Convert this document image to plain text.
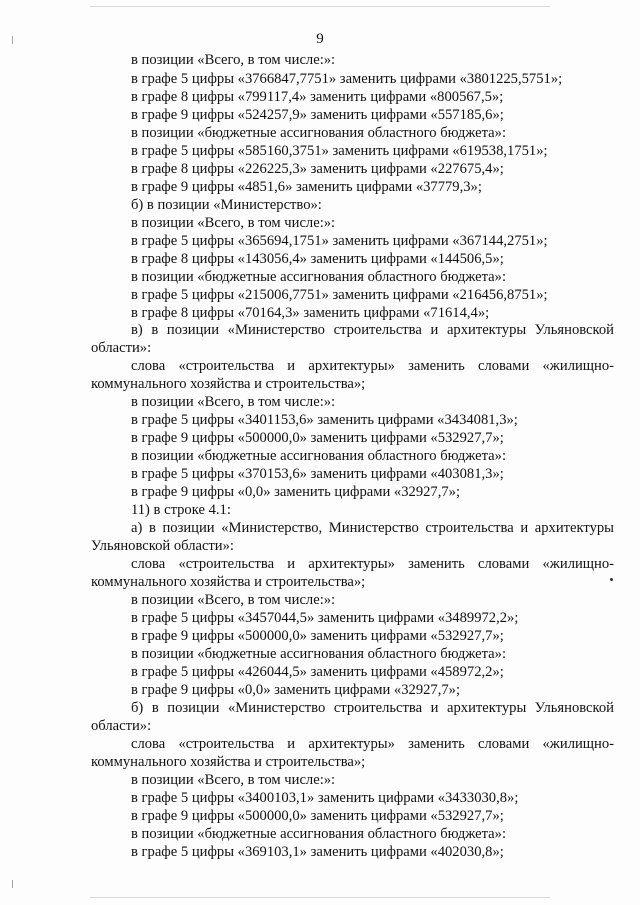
9
в позиции «Всего, в том числе:»:
в графе 5 цифры «3766847,7751» заменить цифрами «3801225,5751»;
в графе 8 цифры «799117,4» заменить цифрами «800567,5»;
в графе 9 цифры «524257,9» заменить цифрами «557185,6»;
в позиции «бюджетные ассигнования областного бюджета»:
в графе 5 цифры «585160,3751» заменить цифрами «619538,1751»;
в графе 8 цифры «226225,3» заменить цифрами «227675,4»;
в графе 9 цифры «4851,6» заменить цифрами «37779,3»;
б) в позиции «Министерство»:
в позиции «Всего, в том числе:»:
в графе 5 цифры «365694,1751» заменить цифрами «367144,2751»;
в графе 8 цифры «143056,4» заменить цифрами «144506,5»;
в позиции «бюджетные ассигнования областного бюджета»:
в графе 5 цифры «215006,7751» заменить цифрами «216456,8751»;
в графе 8 цифры «70164,3» заменить цифрами «71614,4»;
в) в позиции «Министерство строительства и архитектуры Ульяновской
области»:
слова «строительства и архитектуры» заменить словами «жилищно-
коммунального хозяйства и строительства»;
в позиции «Всего, в том числе:»:
в графе 5 цифры «3401153,6» заменить цифрами «3434081,3»;
в графе 9 цифры «500000,0» заменить цифрами «532927,7»;
в позиции «бюджетные ассигнования областного бюджета»:
в графе 5 цифры «370153,6» заменить цифрами «403081,3»;
в графе 9 цифры «0,0» заменить цифрами «32927,7»;
11) в строке 4.1:
а) в позиции «Министерство, Министерство строительства и архитектуры
Ульяновской области»:
слова «строительства и архитектуры» заменить словами «жилищно-
коммунального хозяйства и строительства»;
в позиции «Всего, в том числе:»:
в графе 5 цифры «3457044,5» заменить цифрами «3489972,2»;
в графе 9 цифры «500000,0» заменить цифрами «532927,7»;
в позиции «бюджетные ассигнования областного бюджета»:
в графе 5 цифры «426044,5» заменить цифрами «458972,2»;
в графе 9 цифры «0,0» заменить цифрами «32927,7»;
б) в позиции «Министерство строительства и архитектуры Ульяновской
области»:
слова «строительства и архитектуры» заменить словами «жилищно-
коммунального хозяйства и строительства»;
в позиции «Всего, в том числе:»:
в графе 5 цифры «3400103,1» заменить цифрами «3433030,8»;
в графе 9 цифры «500000,0» заменить цифрами «532927,7»;
в позиции «бюджетные ассигнования областного бюджета»:
в графе 5 цифры «369103,1» заменить цифрами «402030,8»;
